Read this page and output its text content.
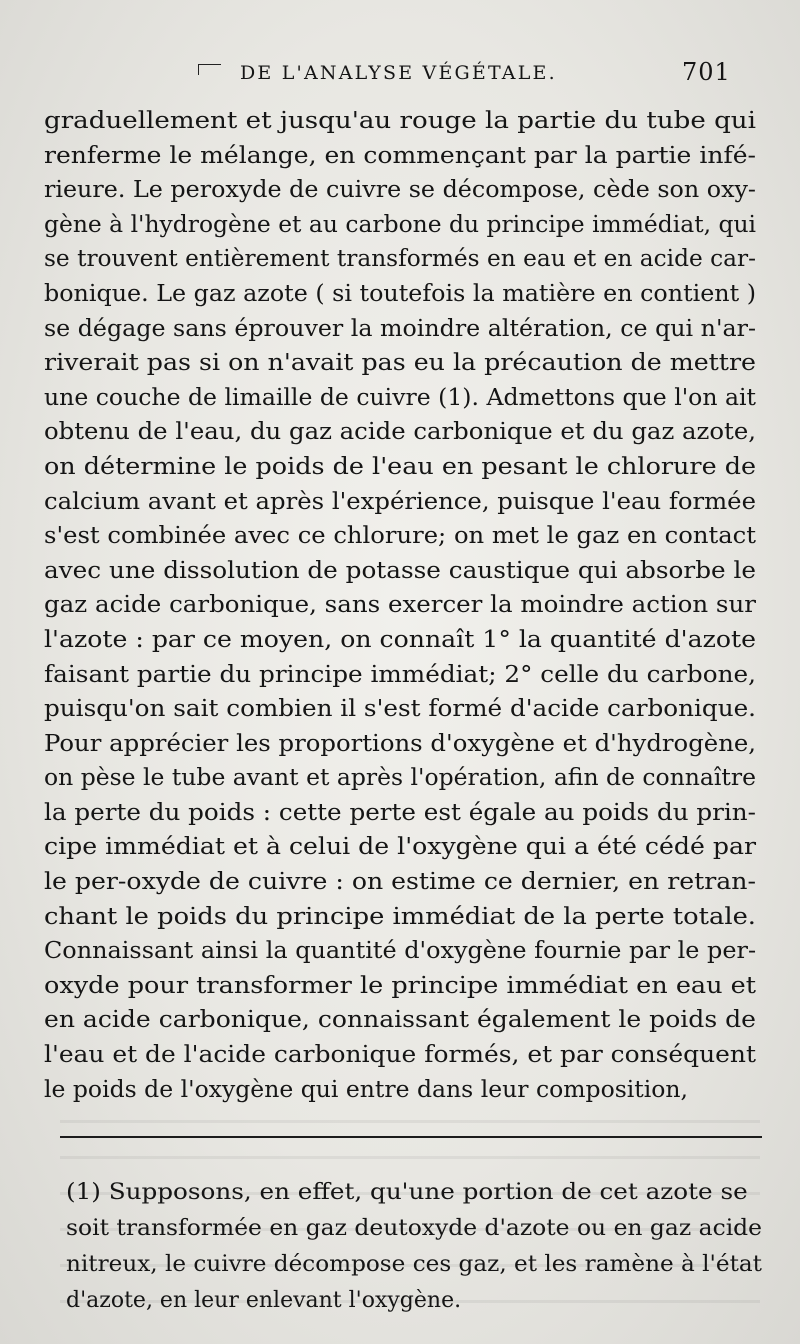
DE L'ANALYSE VÉGÉTALE.	701
graduellement et jusqu'au rouge la partie du tube qui
renferme le mélange, en commençant par la partie infé-
rieure. Le peroxyde de cuivre se décompose, cède son oxy-
gène à l'hydrogène et au carbone du principe immédiat, qui
se trouvent entièrement transformés en eau et en acide car-
bonique. Le gaz azote ( si toutefois la matière en contient )
se dégage sans éprouver la moindre altération, ce qui n'ar-
riverait pas si on n'avait pas eu la précaution de mettre
une couche de limaille de cuivre (1). Admettons que l'on ait
obtenu de l'eau, du gaz acide carbonique et du gaz azote,
on détermine le poids de l'eau en pesant le chlorure de
calcium avant et après l'expérience, puisque l'eau formée
s'est combinée avec ce chlorure; on met le gaz en contact
avec une dissolution de potasse caustique qui absorbe le
gaz acide carbonique, sans exercer la moindre action sur
l'azote : par ce moyen, on connaît 1° la quantité d'azote
faisant partie du principe immédiat; 2° celle du carbone,
puisqu'on sait combien il s'est formé d'acide carbonique.
Pour apprécier les proportions d'oxygène et d'hydrogène,
on pèse le tube avant et après l'opération, afin de connaître
la perte du poids : cette perte est égale au poids du prin-
cipe immédiat et à celui de l'oxygène qui a été cédé par
le per-oxyde de cuivre : on estime ce dernier, en retran-
chant le poids du principe immédiat de la perte totale.
Connaissant ainsi la quantité d'oxygène fournie par le per-
oxyde pour transformer le principe immédiat en eau et
en acide carbonique, connaissant également le poids de
l'eau et de l'acide carbonique formés, et par conséquent
le poids de l'oxygène qui entre dans leur composition,
(1) Supposons, en effet, qu'une portion de cet azote se
soit transformée en gaz deutoxyde d'azote ou en gaz acide
nitreux, le cuivre décompose ces gaz, et les ramène à l'état
d'azote, en leur enlevant l'oxygène.
